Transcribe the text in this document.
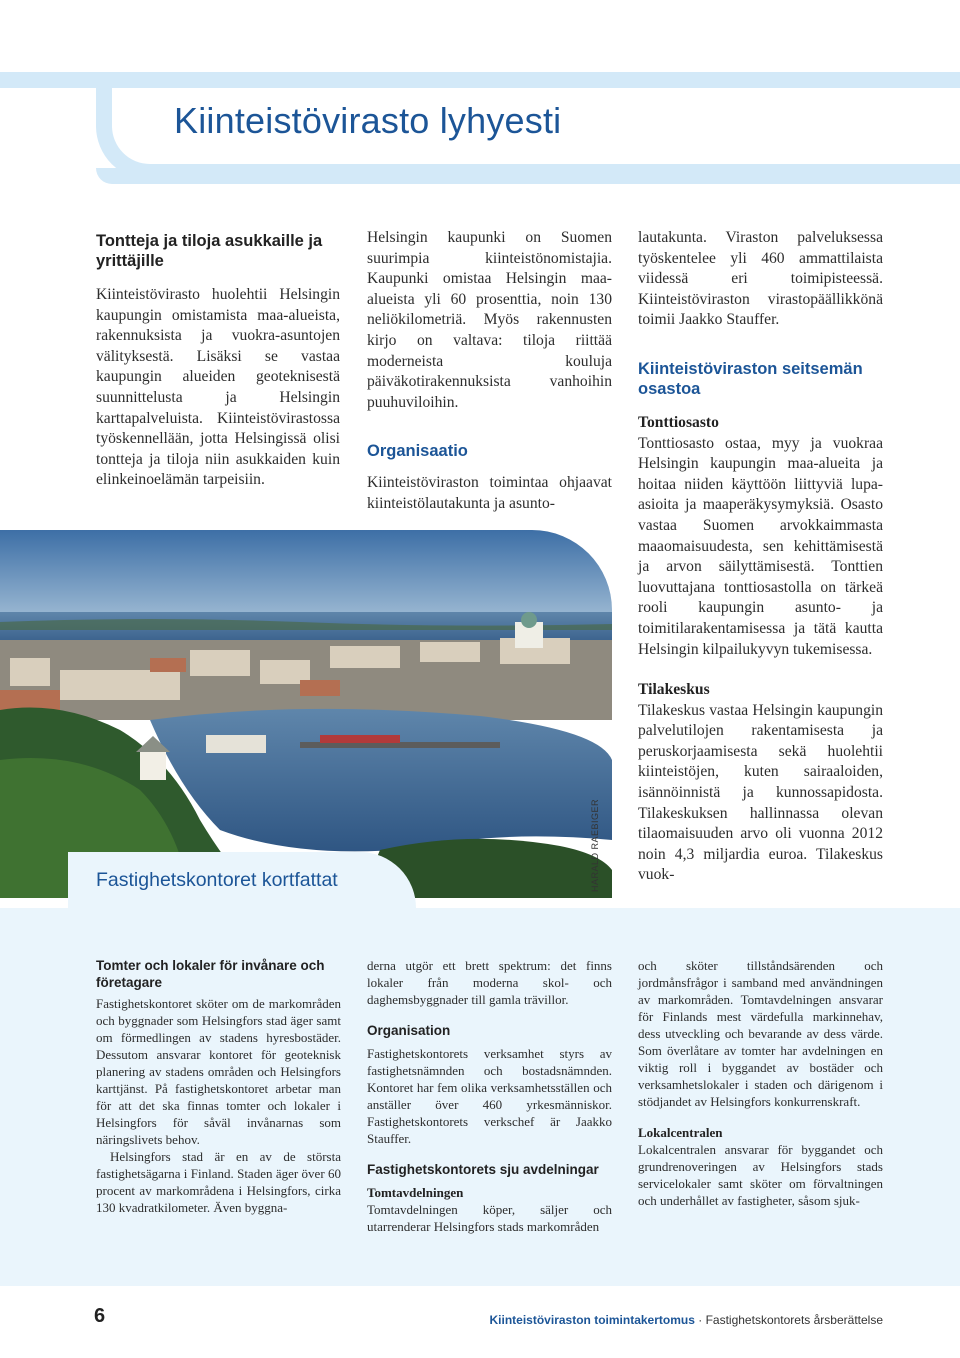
Kiinteistövirasto lyhyesti
Tontteja ja tiloja asukkaille ja yrittäjille

Kiinteistövirasto huolehtii Helsingin kaupungin omistamista maa-alueista, rakennuksista ja vuokra-asuntojen välityksestä. Lisäksi se vastaa kaupungin alueiden geoteknisestä suunnittelusta ja Helsingin karttapalveluista. Kiinteistövirastossa työskennellään, jotta Helsingissä olisi tontteja ja tiloja niin asukkaiden kuin elinkeinoelämän tarpeisiin.

Helsingin kaupunki on Suomen suurimpia kiinteistönomistajia. Kaupunki omistaa Helsingin maa-alueista yli 60 prosenttia, noin 130 neliökilometriä. Myös rakennusten kirjo on valtava: tiloja riittää moderneista kouluja päiväkotirakennuksista vanhoihin puuhuviloihin.

Organisaatio

Kiinteistöviraston toimintaa ohjaavat kiinteistölautakunta ja asunto-

lautakunta. Viraston palveluksessa työskentelee yli 460 ammattilaista viidessä eri toimipisteessä. Kiinteistöviraston virastopäällikkönä toimii Jaakko Stauffer.

Kiinteistöviraston seitsemän osastoa

Tonttiosasto

Tonttiosasto ostaa, myy ja vuokraa Helsingin kaupungin maa-alueita ja hoitaa niiden käyttöön liittyviä lupa-asioita ja maaperäkysymyksiä. Osasto vastaa Suomen arvokkaimmasta maaomaisuudesta, sen kehittämisestä ja arvon säilyttämisestä. Tonttien luovuttajana tonttiosastolla on tärkeä rooli kaupungin asunto- ja toimitilarakentamisessa ja tätä kautta Helsingin kilpailukyvyn tukemisessa.

Tilakeskus

Tilakeskus vastaa Helsingin kaupungin palvelutilojen rakentamisesta ja peruskorjaamisesta sekä huolehtii kiinteistöjen, kuten sairaaloiden, isännöinnistä ja kunnossapidosta. Tilakeskuksen hallinnassa olevan tilaomaisuuden arvo oli vuonna 2012 noin 4,3 miljardia euroa. Tilakeskus vuok-

HARALD RAEBIGER
Fastighetskontoret kortfattat
Tomter och lokaler för invånare och företagare

Fastighetskontoret sköter om de markområden och byggnader som Helsingfors stad äger samt om förmedlingen av stadens hyresbostäder. Dessutom ansvarar kontoret för geoteknisk planering av stadens områden och Helsingfors karttjänst. På fastighetskontoret arbetar man för att det ska finnas tomter och lokaler i Helsingfors för såväl invånarnas som näringslivets behov.

Helsingfors stad är en av de största fastighetsägarna i Finland. Staden äger över 60 procent av markområdena i Helsingfors, cirka 130 kvadratkilometer. Även byggna-

derna utgör ett brett spektrum: det finns lokaler från moderna skol- och daghemsbyggnader till gamla trävillor.

Organisation

Fastighetskontorets verksamhet styrs av fastighetsnämnden och bostadsnämnden. Kontoret har fem olika verksamhetsställen och anställer över 460 yrkesmänniskor. Fastighetskontorets verkschef är Jaakko Stauffer.

Fastighetskontorets sju avdelningar

Tomtavdelningen

Tomtavdelningen köper, säljer och utarrenderar Helsingfors stads markområden

och sköter tillståndsärenden och jordmånsfrågor i samband med användningen av markområden. Tomtavdelningen ansvarar för Finlands mest värdefulla markinnehav, dess utveckling och bevarande av dess värde. Som överlåtare av tomter har avdelningen en viktig roll i byggandet av bostäder och verksamhetslokaler i staden och därigenom i stödjandet av Helsingfors konkurrenskraft.

Lokalcentralen

Lokalcentralen ansvarar för byggandet och grundrenoveringen av Helsingfors stads servicelokaler samt sköter om förvaltningen och underhållet av fastigheter, såsom sjuk-

6	Kiinteistöviraston toimintakertomus · Fastighetskontorets årsberättelse
